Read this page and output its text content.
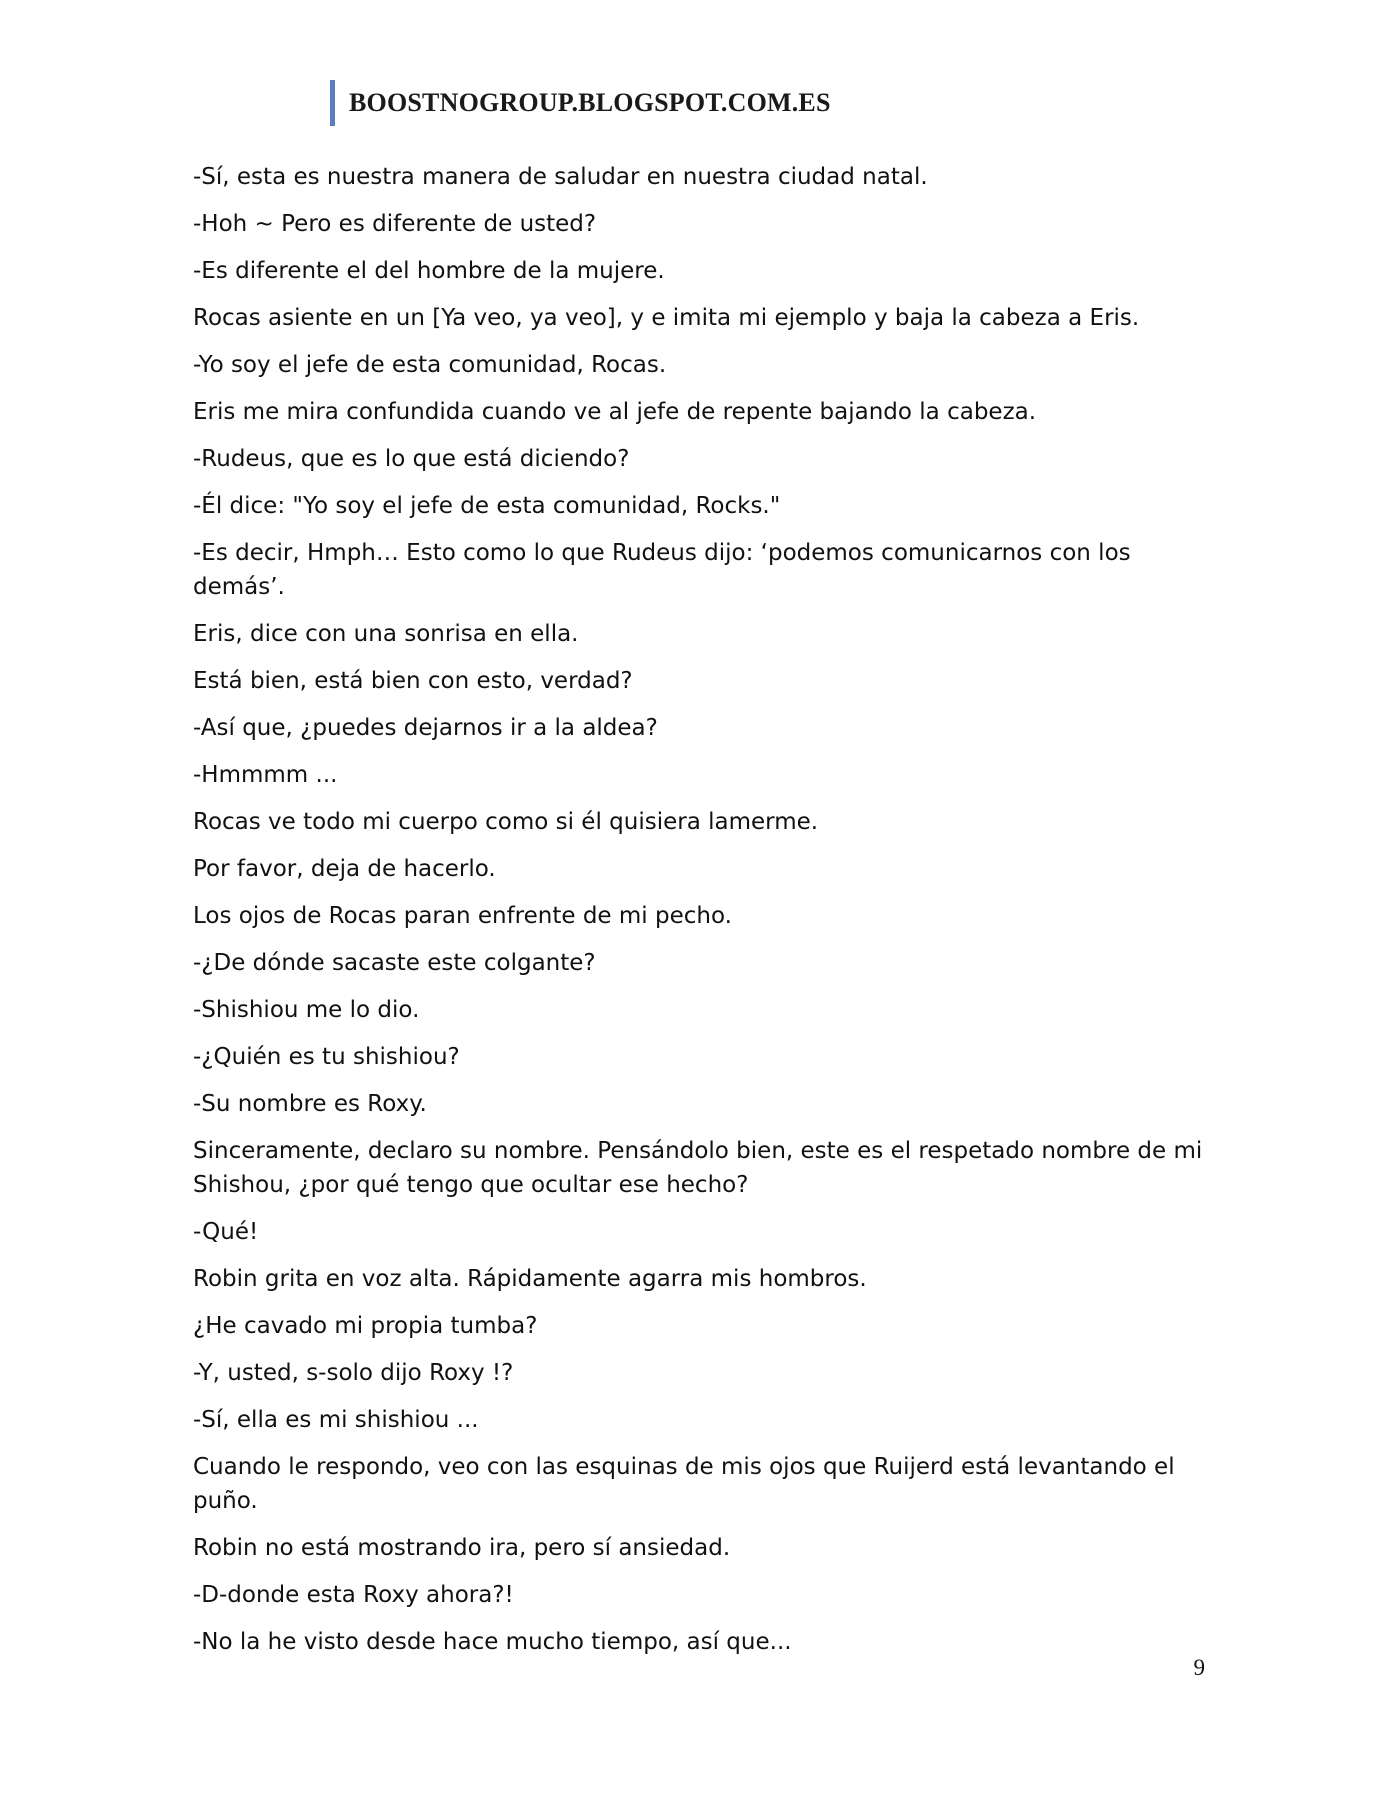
BOOSTNOGROUP.BLOGSPOT.COM.ES

-Sí, esta es nuestra manera de saludar en nuestra ciudad natal.

-Hoh ~ Pero es diferente de usted?

-Es diferente el del hombre de la mujere.

Rocas asiente en un [Ya veo, ya veo], y e imita mi ejemplo y baja la cabeza a Eris.

-Yo soy el jefe de esta comunidad, Rocas.

Eris me mira confundida cuando ve al jefe de repente bajando la cabeza.

-Rudeus, que es lo que está diciendo?

-Él dice: "Yo soy el jefe de esta comunidad, Rocks."

-Es decir, Hmph… Esto como lo que Rudeus dijo: ‘podemos comunicarnos con los demás’.

Eris, dice con una sonrisa en ella.

Está bien, está bien con esto, verdad?

-Así que, ¿puedes dejarnos ir a la aldea?

-Hmmmm ...

Rocas ve todo mi cuerpo como si él quisiera lamerme.

Por favor, deja de hacerlo.

Los ojos de Rocas paran enfrente de mi pecho.

-¿De dónde sacaste este colgante?

-Shishiou me lo dio.

-¿Quién es tu shishiou?

-Su nombre es Roxy.

Sinceramente, declaro su nombre. Pensándolo bien, este es el respetado nombre de mi Shishou, ¿por qué tengo que ocultar ese hecho?

-Qué!

Robin grita en voz alta. Rápidamente agarra mis hombros.

¿He cavado mi propia tumba?

-Y, usted, s-solo dijo Roxy !?

-Sí, ella es mi shishiou ...

Cuando le respondo, veo con las esquinas de mis ojos que Ruijerd está levantando el puño.

Robin no está mostrando ira, pero sí ansiedad.

-D-donde esta Roxy ahora?!

-No la he visto desde hace mucho tiempo, así que...

9
